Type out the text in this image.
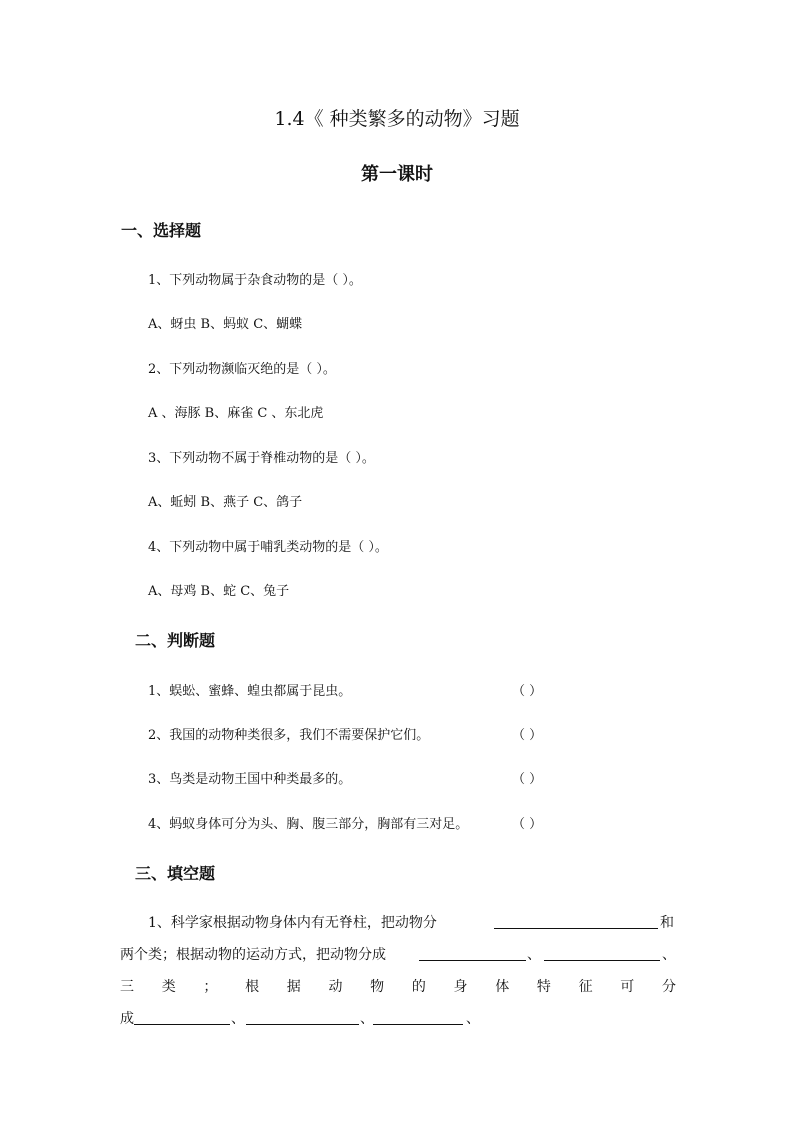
1.4《 种类繁多的动物》习题
第一课时
一、选择题
1、下列动物属于杂食动物的是（ ）。
A、蚜虫 B、蚂蚁 C、蝴蝶
2、下列动物濒临灭绝的是（ ）。
A 、海豚 B、麻雀 C 、东北虎
3、下列动物不属于脊椎动物的是（ ）。
A、蚯蚓 B、燕子 C、鸽子
4、下列动物中属于哺乳类动物的是（ ）。
A、母鸡 B、蛇 C、兔子
二、判断题
1、蜈蚣、蜜蜂、蝗虫都属于昆虫。	（ ）
2、我国的动物种类很多，我们不需要保护它们。	（ ）
3、鸟类是动物王国中种类最多的。	（ ）
4、蚂蚁身体可分为头、胸、腹三部分，胸部有三对足。	（ ）
三、填空题
1、科学家根据动物身体内有无脊柱，把动物分	和
两个类；根据动物的运动方式，把动物分成	、	、
三 类 ； 根 据 动 物 的 身 体 特 征 可 分
成	、	、	、
